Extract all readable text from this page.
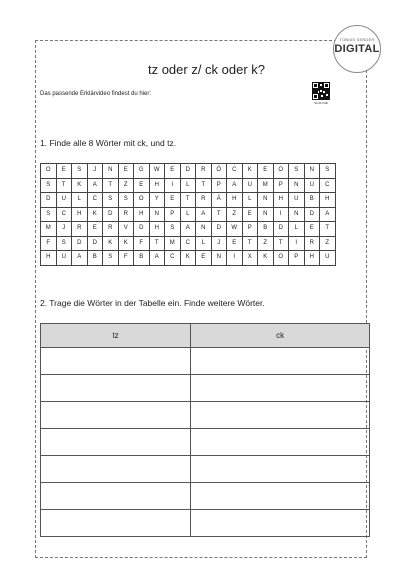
TOBIAS SENDER
DIGITAL
tz oder z/ ck oder k?
Das passende Erklärvideo findest du hier:
SCAN ME
1. Finde alle 8 Wörter mit ck, und tz.
O	E	S	J	N	E	G	W	E	D	R	Ö	C	K	E	O	S	N	S
S	T	K	A	T	Z	E	H	I	L	T	P	A	U	M	P	N	U	C
D	U	L	C	S	S	O	Y	E	T	R	Ä	H	L	N	H	U	B	H
S	C	H	K	D	R	H	N	P	L	A	T	Z	E	N	I	N	D	A
M	J	R	E	R	V	D	H	S	A	N	D	W	P	B	D	L	E	T
F	S	D	D	K	K	F	T	M	C	L	J	E	T	Z	T	I	R	Z
H	U	A	B	S	F	B	A	C	K	E	N	I	X	K	O	P	H	U
2. Trage die Wörter in der Tabelle ein. Finde weitere Wörter.
tz	ck
